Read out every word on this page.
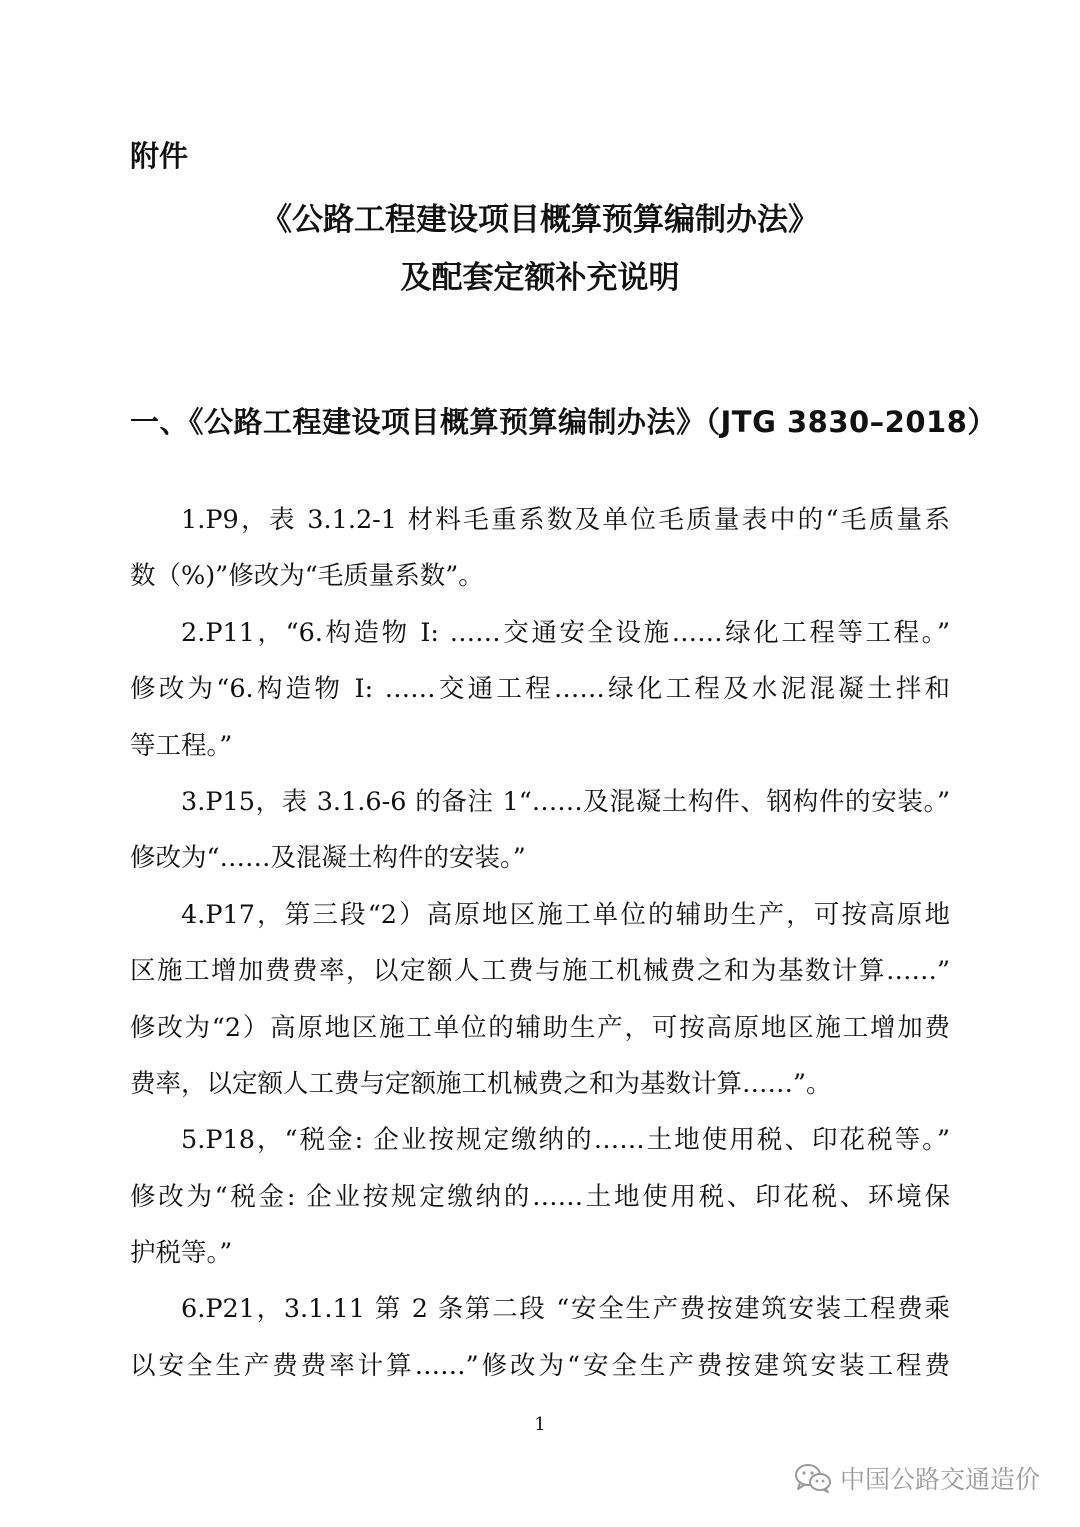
附件
《公路工程建设项目概算预算编制办法》
及配套定额补充说明
一、《公路工程建设项目概算预算编制办法》（JTG 3830–2018）
1.P9，表 3.1.2-1 材料毛重系数及单位毛质量表中的“毛质量系
数（%)”修改为“毛质量系数”。
2.P11，“6.构造物 I: ……交通安全设施……绿化工程等工程。”
修改为“6.构造物 I: ……交通工程……绿化工程及水泥混凝土拌和
等工程。”
3.P15，表 3.1.6-6 的备注 1“……及混凝土构件、钢构件的安装。”
修改为“……及混凝土构件的安装。”
4.P17，第三段“2）高原地区施工单位的辅助生产，可按高原地
区施工增加费费率，以定额人工费与施工机械费之和为基数计算……”
修改为“2）高原地区施工单位的辅助生产，可按高原地区施工增加费
费率，以定额人工费与定额施工机械费之和为基数计算……”。
5.P18，“税金: 企业按规定缴纳的……土地使用税、印花税等。”
修改为“税金: 企业按规定缴纳的……土地使用税、印花税、环境保
护税等。”
6.P21，3.1.11 第 2 条第二段 “安全生产费按建筑安装工程费乘
以安全生产费费率计算……”修改为“安全生产费按建筑安装工程费
1
中国公路交通造价
